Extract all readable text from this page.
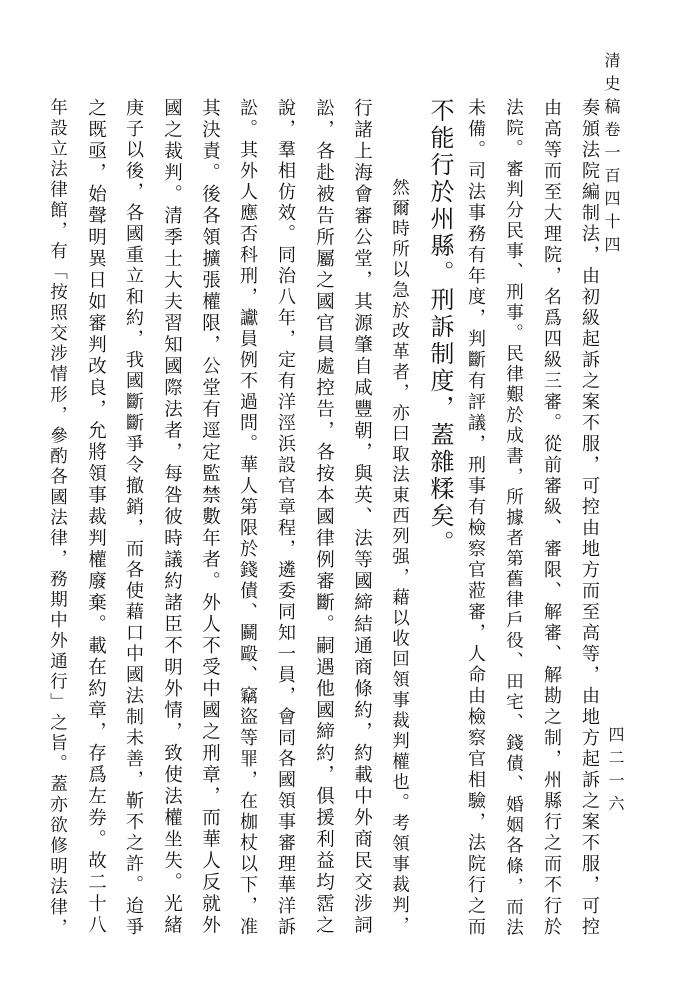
清史稿卷一百四十四
四二一六
奏頒法院編制法，由初級起訴之案不服，可控由地方而至高等，由地方起訴之案不服，可控
由高等而至大理院，名爲四級三審。從前審級、審限、解審、解勘之制，州縣行之而不行於
法院。審判分民事、刑事。民律艱於成書，所據者第舊律戶役、田宅、錢債、婚姻各條，而法
未備。司法事務有年度，判斷有評議，刑事有檢察官蒞審，人命由檢察官相驗，法院行之而
不能行於州縣。刑訴制度，蓋雜糅矣。
然爾時所以急於改革者，亦曰取法東西列强，藉以收回領事裁判權也。考領事裁判，
行諸上海會審公堂，其源肇自咸豐朝，與英、法等國締結通商條約，約載中外商民交涉詞
訟，各赴被告所屬之國官員處控告，各按本國律例審斷。嗣遇他國締約，俱援利益均霑之
說，羣相仿效。同治八年，定有洋涇浜設官章程，遴委同知一員，會同各國領事審理華洋訴
訟。其外人應否科刑，讞員例不過問。華人第限於錢債、鬬毆、竊盜等罪，在枷杖以下，准
其決責。後各領擴張權限，公堂有逕定監禁數年者。外人不受中國之刑章，而華人反就外
國之裁判。清季士大夫習知國際法者，每咎彼時議約諸臣不明外情，致使法權坐失。光緒
庚子以後，各國重立和約，我國斷斷爭令撤銷，而各使藉口中國法制未善，靳不之許。迨爭
之既亟，始聲明異日如審判改良，允將領事裁判權廢棄。載在約章，存爲左券。故二十八
年設立法律館，有「按照交涉情形，參酌各國法律，務期中外通行」之旨。蓋亦欲修明法律，
